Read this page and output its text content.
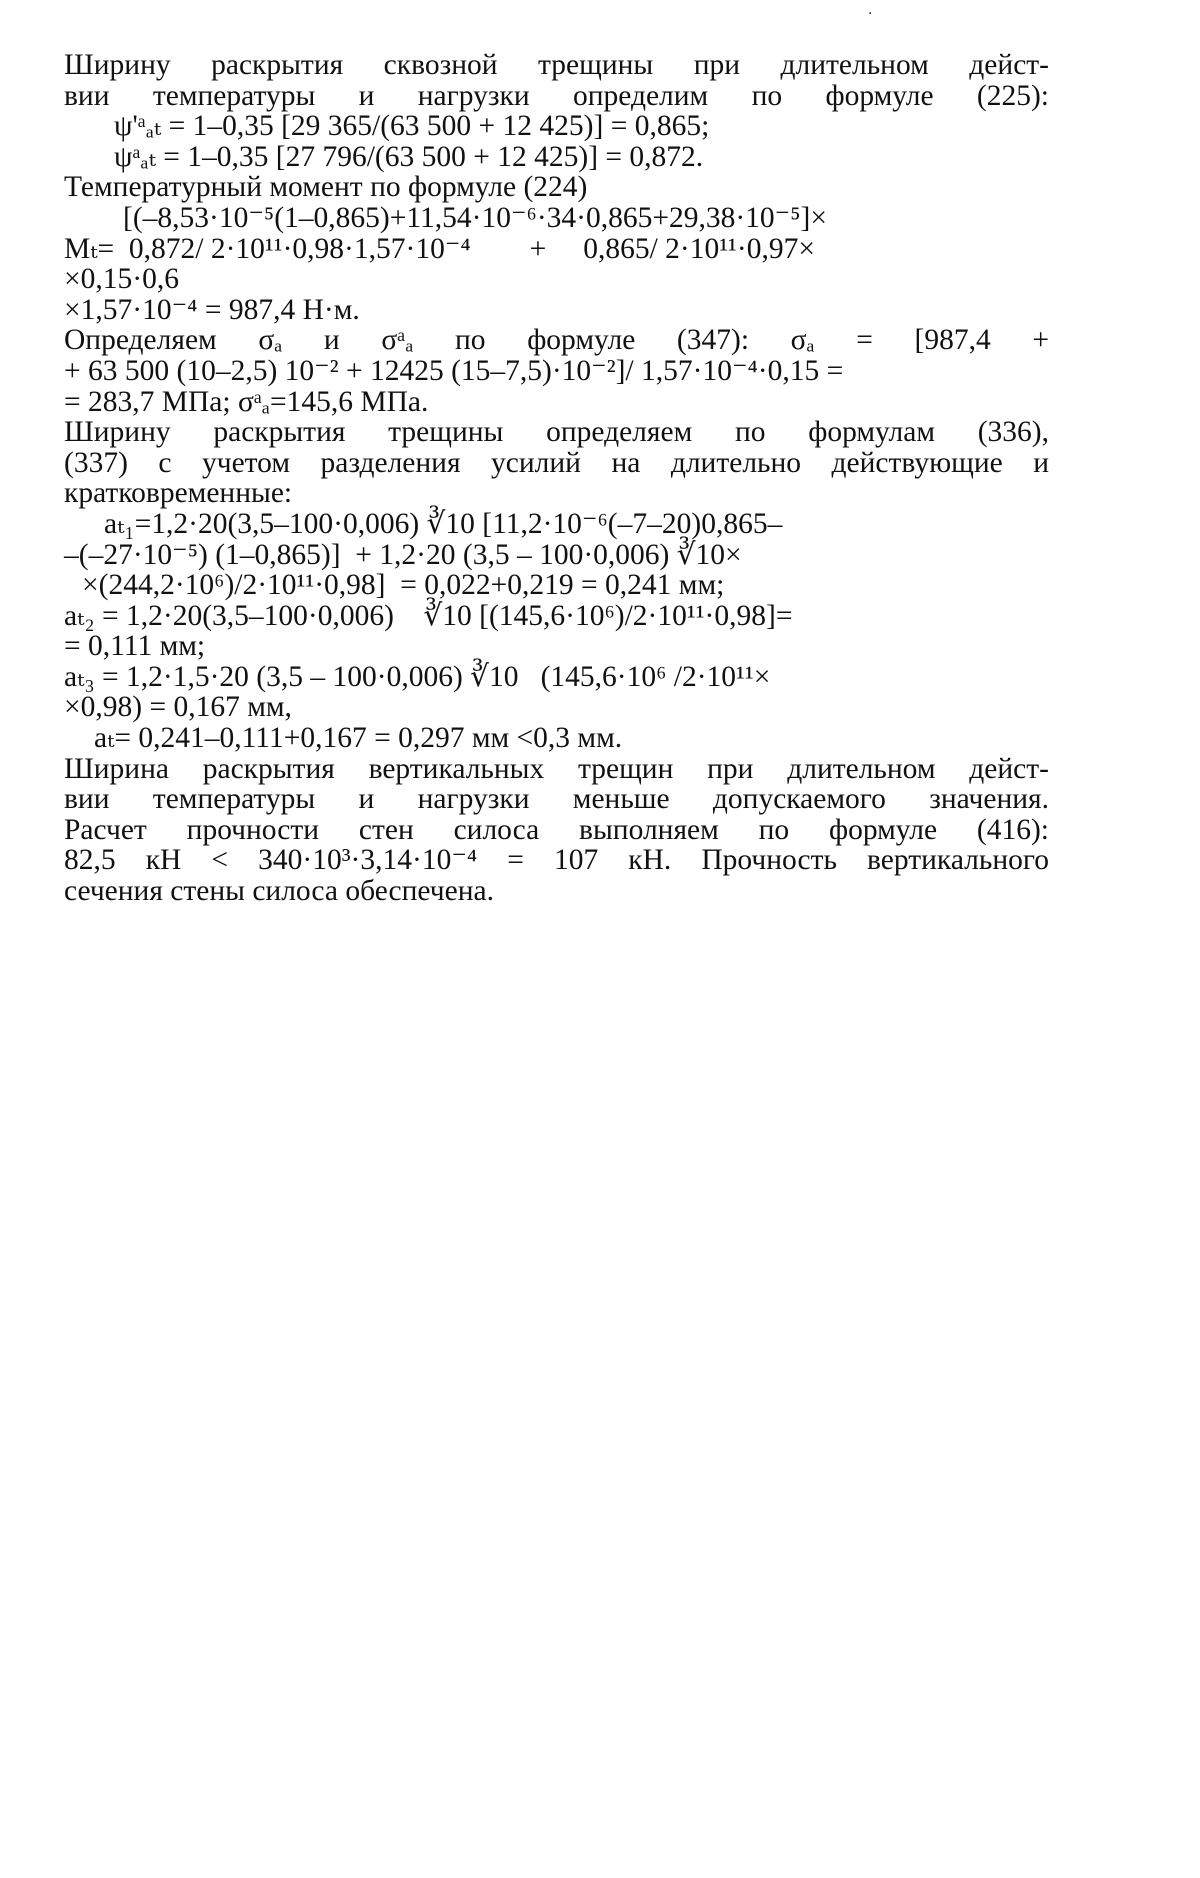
·
Ширину раскрытия сквозной трещины при длительном дейст-
вии температуры и нагрузки определим по формуле (225):
ψ'ᵃₐₜ = 1–0,35 [29 365/(63 500 + 12 425)] = 0,865;
ψᵃₐₜ = 1–0,35 [27 796/(63 500 + 12 425)] = 0,872.
Температурный момент по формуле (224)
[(–8,53·10⁻⁵(1–0,865)+11,54·10⁻⁶·34·0,865+29,38·10⁻⁵]×
Mₜ=  0,872/ 2·10¹¹·0,98·1,57·10⁻⁴        +     0,865/ 2·10¹¹·0,97×
×0,15·0,6
×1,57·10⁻⁴ = 987,4 Н·м.
Определяем σₐ и σᵃₐ по формуле (347): σₐ = [987,4 +
+ 63 500 (10–2,5) 10⁻² + 12425 (15–7,5)·10⁻²]/ 1,57·10⁻⁴·0,15 =
= 283,7 МПа; σᵃₐ=145,6 МПа.
Ширину раскрытия трещины определяем по формулам (336),
(337) с учетом разделения усилий на длительно действующие и
кратковременные:
aₜ₁=1,2·20(3,5–100·0,006) ∛10 [11,2·10⁻⁶(–7–20)0,865–
–(–27·10⁻⁵) (1–0,865)]  + 1,2·20 (3,5 – 100·0,006) ∛10×
×(244,2·10⁶)/2·10¹¹·0,98]  = 0,022+0,219 = 0,241 мм;
aₜ₂ = 1,2·20(3,5–100·0,006)    ∛10 [(145,6·10⁶)/2·10¹¹·0,98]=
= 0,111 мм;
aₜ₃ = 1,2·1,5·20 (3,5 – 100·0,006) ∛10   (145,6·10⁶ /2·10¹¹×
×0,98) = 0,167 мм,
aₜ= 0,241–0,111+0,167 = 0,297 мм <0,3 мм.
Ширина раскрытия вертикальных трещин при длительном дейст-
вии температуры и нагрузки меньше допускаемого значения.
Расчет прочности стен силоса выполняем по формуле (416):
82,5 кН < 340·10³·3,14·10⁻⁴ = 107 кН. Прочность вертикального
сечения стены силоса обеспечена.
